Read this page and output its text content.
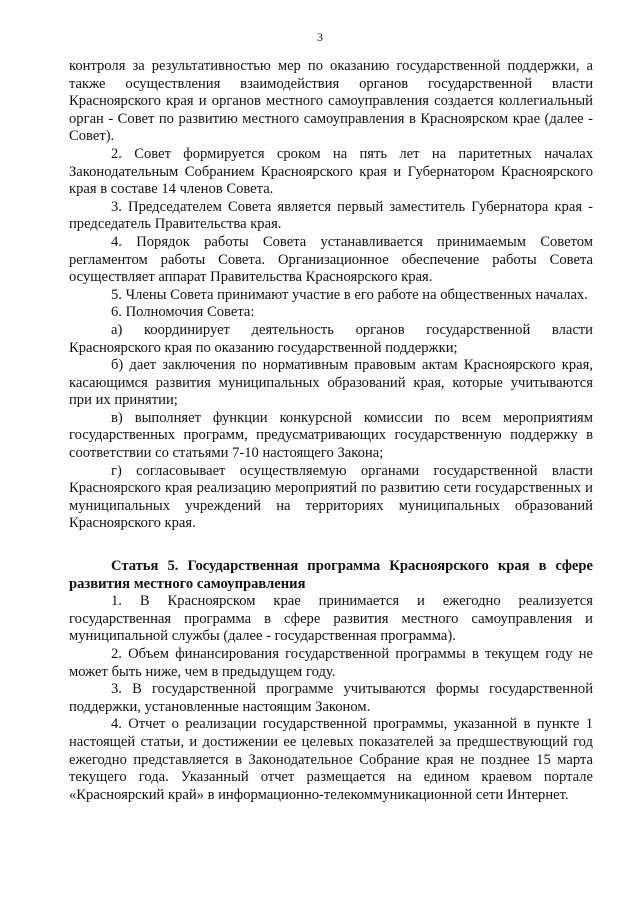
3

контроля за результативностью мер по оказанию государственной поддержки, а также осуществления взаимодействия органов государственной власти Красноярского края и органов местного самоуправления создается коллегиальный орган - Совет по развитию местного самоуправления в Красноярском крае (далее - Совет).

2. Совет формируется сроком на пять лет на паритетных началах Законодательным Собранием Красноярского края и Губернатором Красноярского края в составе 14 членов Совета.

3. Председателем Совета является первый заместитель Губернатора края - председатель Правительства края.

4. Порядок работы Совета устанавливается принимаемым Советом регламентом работы Совета. Организационное обеспечение работы Совета осуществляет аппарат Правительства Красноярского края.

5. Члены Совета принимают участие в его работе на общественных началах.

6. Полномочия Совета:

а) координирует деятельность органов государственной власти Красноярского края по оказанию государственной поддержки;

б) дает заключения по нормативным правовым актам Красноярского края, касающимся развития муниципальных образований края, которые учитываются при их принятии;

в) выполняет функции конкурсной комиссии по всем мероприятиям государственных программ, предусматривающих государственную поддержку в соответствии со статьями 7-10 настоящего Закона;

г) согласовывает осуществляемую органами государственной власти Красноярского края реализацию мероприятий по развитию сети государственных и муниципальных учреждений на территориях муниципальных образований Красноярского края.

Статья 5. Государственная программа Красноярского края в сфере развития местного самоуправления

1. В Красноярском крае принимается и ежегодно реализуется государственная программа в сфере развития местного самоуправления и муниципальной службы (далее - государственная программа).

2. Объем финансирования государственной программы в текущем году не может быть ниже, чем в предыдущем году.

3. В государственной программе учитываются формы государственной поддержки, установленные настоящим Законом.

4. Отчет о реализации государственной программы, указанной в пункте 1 настоящей статьи, и достижении ее целевых показателей за предшествующий год ежегодно представляется в Законодательное Собрание края не позднее 15 марта текущего года. Указанный отчет размещается на едином краевом портале «Красноярский край» в информационно-телекоммуникационной сети Интернет.
